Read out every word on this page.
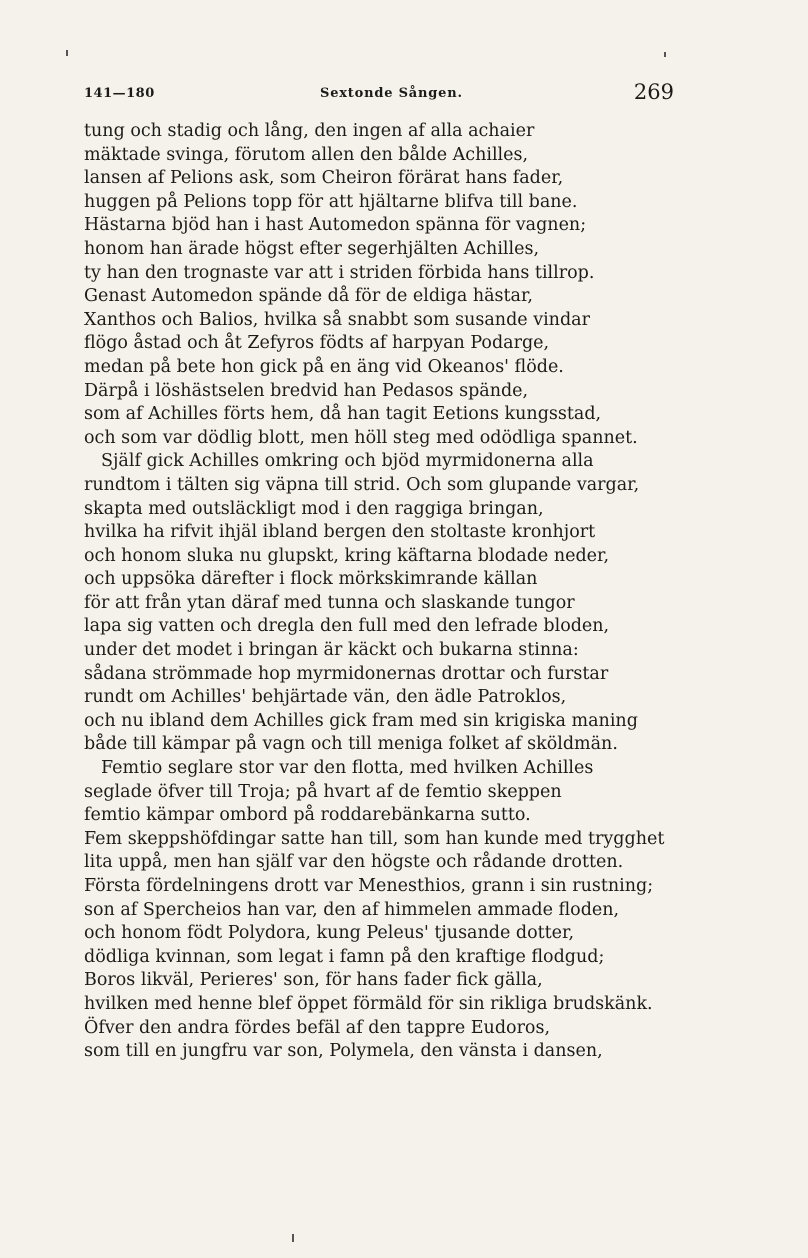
141—180	Sextonde Sången.	269
tung och stadig och lång, den ingen af alla achaier
mäktade svinga, förutom allen den bålde Achilles,
lansen af Pelions ask, som Cheiron förärat hans fader,
huggen på Pelions topp för att hjältarne blifva till bane.
Hästarna bjöd han i hast Automedon spänna för vagnen;
honom han ärade högst efter segerhjälten Achilles,
ty han den trognaste var att i striden förbida hans tillrop.
Genast Automedon spände då för de eldiga hästar,
Xanthos och Balios, hvilka så snabbt som susande vindar
flögo åstad och åt Zefyros födts af harpyan Podarge,
medan på bete hon gick på en äng vid Okeanos' flöde.
Därpå i löshästselen bredvid han Pedasos spände,
som af Achilles förts hem, då han tagit Eetions kungsstad,
och som var dödlig blott, men höll steg med odödliga spannet.
Själf gick Achilles omkring och bjöd myrmidonerna alla
rundtom i tälten sig väpna till strid. Och som glupande vargar,
skapta med outsläckligt mod i den raggiga bringan,
hvilka ha rifvit ihjäl ibland bergen den stoltaste kronhjort
och honom sluka nu glupskt, kring käftarna blodade neder,
och uppsöka därefter i flock mörkskimrande källan
för att från ytan däraf med tunna och slaskande tungor
lapa sig vatten och dregla den full med den lefrade bloden,
under det modet i bringan är käckt och bukarna stinna:
sådana strömmade hop myrmidonernas drottar och furstar
rundt om Achilles' behjärtade vän, den ädle Patroklos,
och nu ibland dem Achilles gick fram med sin krigiska maning
både till kämpar på vagn och till meniga folket af sköldmän.
Femtio seglare stor var den flotta, med hvilken Achilles
seglade öfver till Troja; på hvart af de femtio skeppen
femtio kämpar ombord på roddarebänkarna sutto.
Fem skeppshöfdingar satte han till, som han kunde med trygghet
lita uppå, men han själf var den högste och rådande drotten.
Första fördelningens drott var Menesthios, grann i sin rustning;
son af Spercheios han var, den af himmelen ammade floden,
och honom födt Polydora, kung Peleus' tjusande dotter,
dödliga kvinnan, som legat i famn på den kraftige flodgud;
Boros likväl, Perieres' son, för hans fader fick gälla,
hvilken med henne blef öppet förmäld för sin rikliga brudskänk.
Öfver den andra fördes befäl af den tappre Eudoros,
som till en jungfru var son, Polymela, den vänsta i dansen,
